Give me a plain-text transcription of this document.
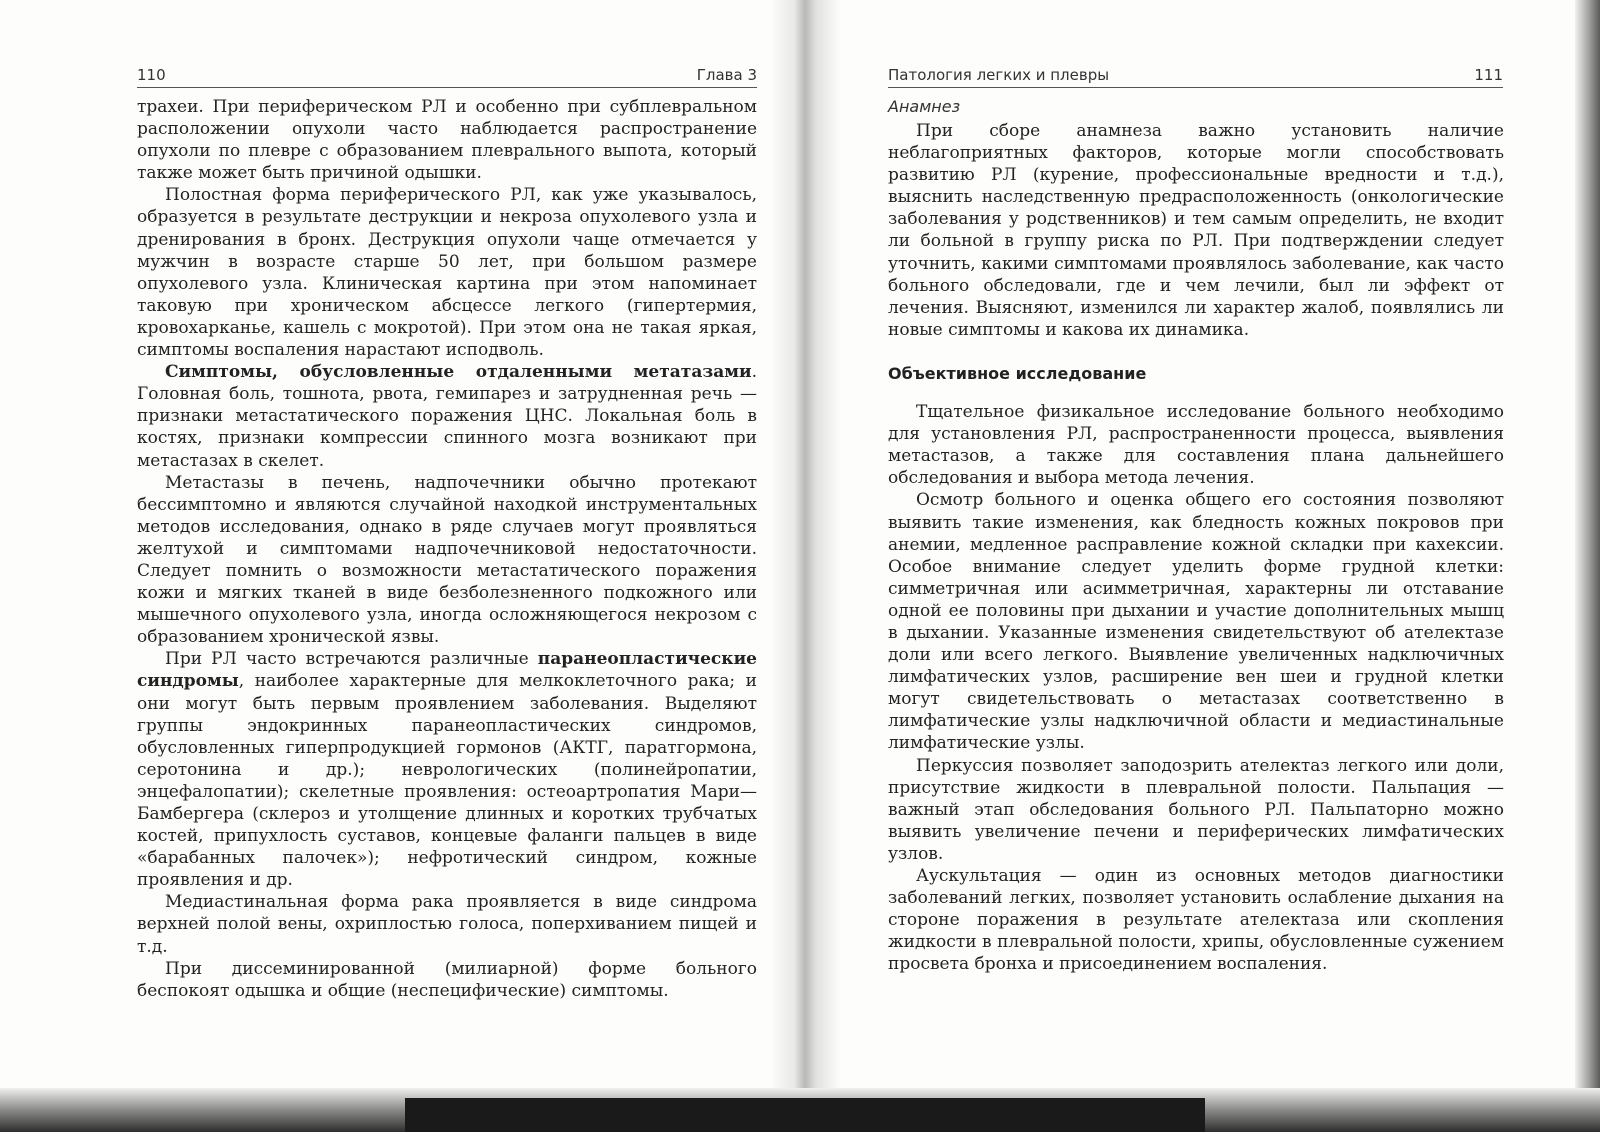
110	Глава 3

трахеи. При периферическом РЛ и особенно при субплевральном расположении опухоли часто наблюдается распространение опухоли по плевре с образованием плеврального выпота, который также может быть причиной одышки.

Полостная форма периферического РЛ, как уже указывалось, образуется в результате деструкции и некроза опухолевого узла и дренирования в бронх. Деструкция опухоли чаще отмечается у мужчин в возрасте старше 50 лет, при большом размере опухолевого узла. Клиническая картина при этом напоминает таковую при хроническом абсцессе легкого (гипертермия, кровохарканье, кашель с мокротой). При этом она не такая яркая, симптомы воспаления нарастают исподволь.

Симптомы, обусловленные отдаленными метатазами. Головная боль, тошнота, рвота, гемипарез и затрудненная речь — признаки метастатического поражения ЦНС. Локальная боль в костях, признаки компрессии спинного мозга возникают при метастазах в скелет.

Метастазы в печень, надпочечники обычно протекают бессимптомно и являются случайной находкой инструментальных методов исследования, однако в ряде случаев могут проявляться желтухой и симптомами надпочечниковой недостаточности. Следует помнить о возможности метастатического поражения кожи и мягких тканей в виде безболезненного подкожного или мышечного опухолевого узла, иногда осложняющегося некрозом с образованием хронической язвы.

При РЛ часто встречаются различные паранеопластические синдромы, наиболее характерные для мелкоклеточного рака; и они могут быть первым проявлением заболевания. Выделяют группы эндокринных паранеопластических синдромов, обусловленных гиперпродукцией гормонов (АКТГ, паратгормона, серотонина и др.); неврологических (полинейропатии, энцефалопатии); скелетные проявления: остеоартропатия Мари—Бамбергера (склероз и утолщение длинных и коротких трубчатых костей, припухлость суставов, концевые фаланги пальцев в виде «барабанных палочек»); нефротический синдром, кожные проявления и др.

Медиастинальная форма рака проявляется в виде синдрома верхней полой вены, охриплостью голоса, поперхиванием пищей и т.д.

При диссеминированной (милиарной) форме больного беспокоят одышка и общие (неспецифические) симптомы.

Патология легких и плевры	111
Анамнез

При сборе анамнеза важно установить наличие неблагоприятных факторов, которые могли способствовать развитию РЛ (курение, профессиональные вредности и т.д.), выяснить наследственную предрасположенность (онкологические заболевания у родственников) и тем самым определить, не входит ли больной в группу риска по РЛ. При подтверждении следует уточнить, какими симптомами проявлялось заболевание, как часто больного обследовали, где и чем лечили, был ли эффект от лечения. Выясняют, изменился ли характер жалоб, появлялись ли новые симптомы и какова их динамика.

Объективное исследование

Тщательное физикальное исследование больного необходимо для установления РЛ, распространенности процесса, выявления метастазов, а также для составления плана дальнейшего обследования и выбора метода лечения.

Осмотр больного и оценка общего его состояния позволяют выявить такие изменения, как бледность кожных покровов при анемии, медленное расправление кожной складки при кахексии. Особое внимание следует уделить форме грудной клетки: симметричная или асимметричная, характерны ли отставание одной ее половины при дыхании и участие дополнительных мышц в дыхании. Указанные изменения свидетельствуют об ателектазе доли или всего легкого. Выявление увеличенных надключичных лимфатических узлов, расширение вен шеи и грудной клетки могут свидетельствовать о метастазах соответственно в лимфатические узлы надключичной области и медиастинальные лимфатические узлы.

Перкуссия позволяет заподозрить ателектаз легкого или доли, присутствие жидкости в плевральной полости. Пальпация — важный этап обследования больного РЛ. Пальпаторно можно выявить увеличение печени и периферических лимфатических узлов.

Аускультация — один из основных методов диагностики заболеваний легких, позволяет установить ослабление дыхания на стороне поражения в результате ателектаза или скопления жидкости в плевральной полости, хрипы, обусловленные сужением просвета бронха и присоединением воспаления.
